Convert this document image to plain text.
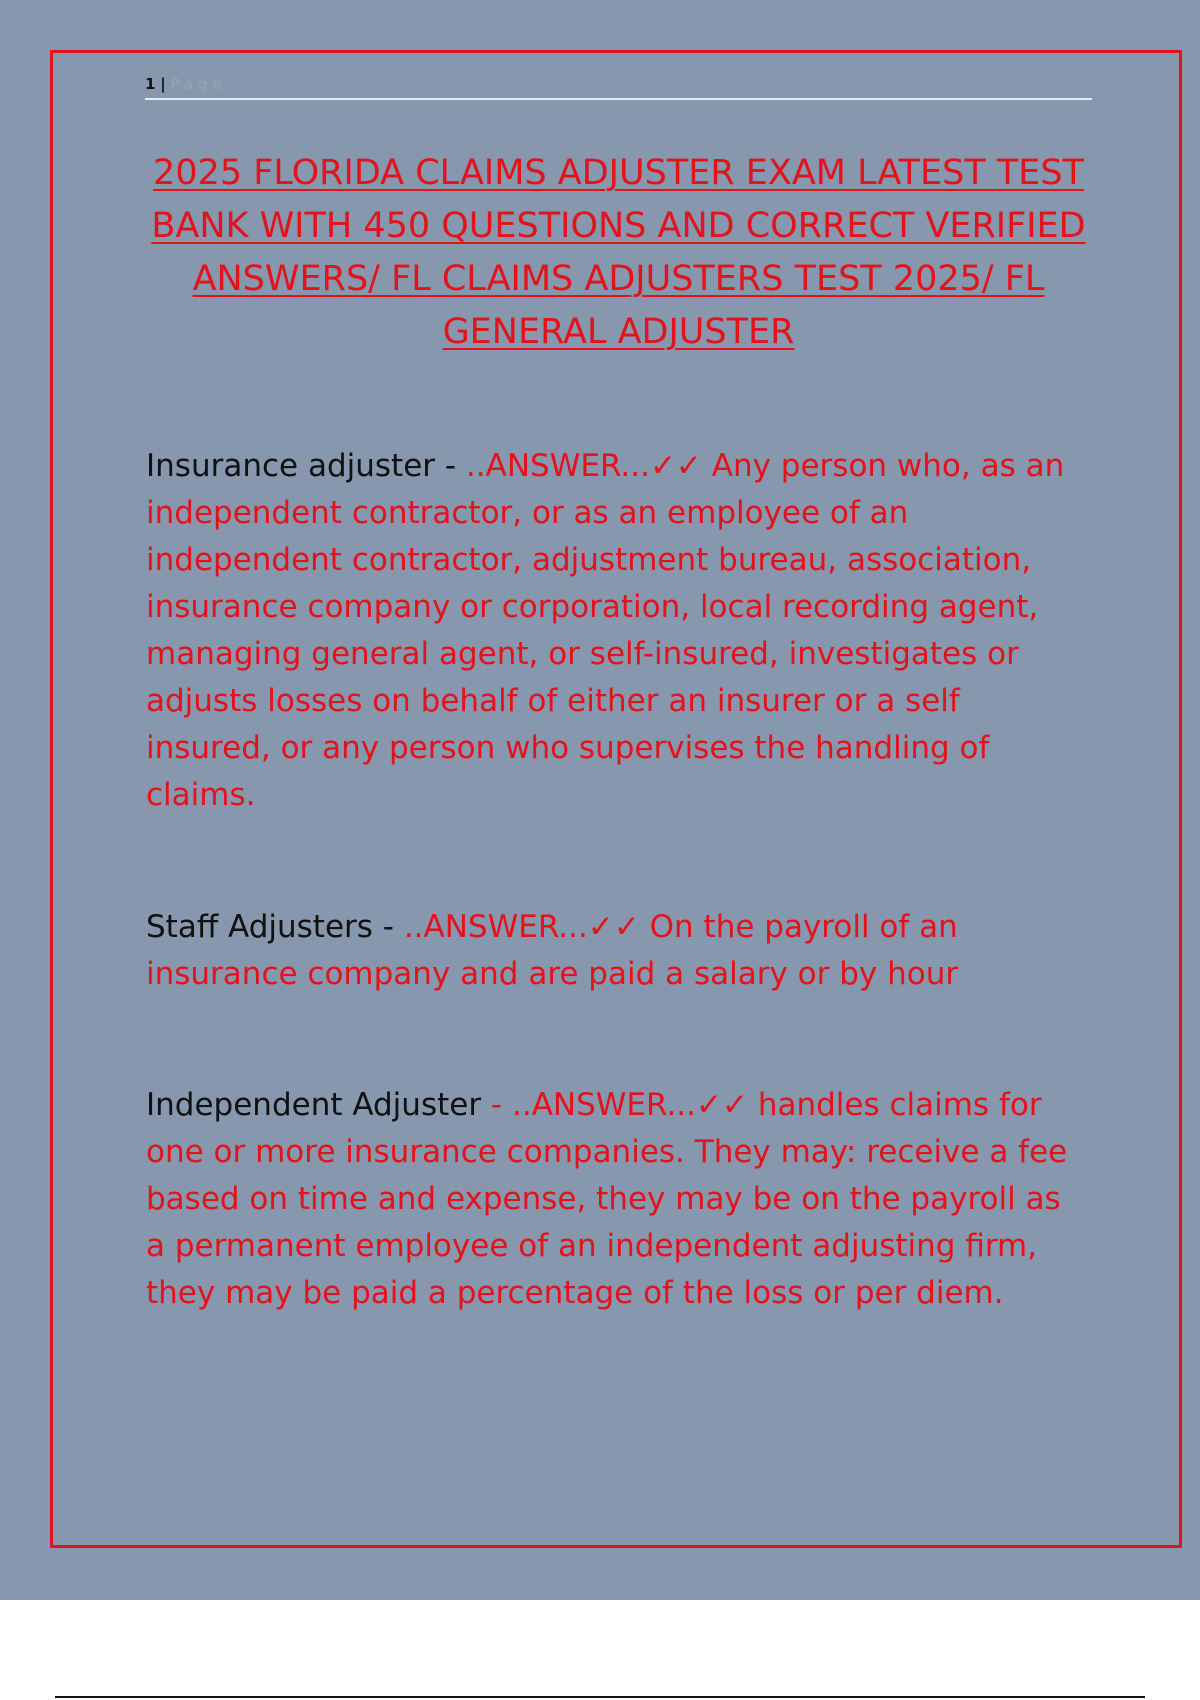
1 | Page
2025 FLORIDA CLAIMS ADJUSTER EXAM LATEST TEST BANK WITH 450 QUESTIONS AND CORRECT VERIFIED ANSWERS/ FL CLAIMS ADJUSTERS TEST 2025/ FL GENERAL ADJUSTER

Insurance adjuster - ..ANSWER...✓✓ Any person who, as an independent contractor, or as an employee of an independent contractor, adjustment bureau, association, insurance company or corporation, local recording agent, managing general agent, or self-insured, investigates or adjusts losses on behalf of either an insurer or a self insured, or any person who supervises the handling of claims.

Staff Adjusters - ..ANSWER...✓✓ On the payroll of an insurance company and are paid a salary or by hour

Independent Adjuster - ..ANSWER...✓✓ handles claims for one or more insurance companies. They may: receive a fee based on time and expense, they may be on the payroll as a permanent employee of an independent adjusting firm, they may be paid a percentage of the loss or per diem.
